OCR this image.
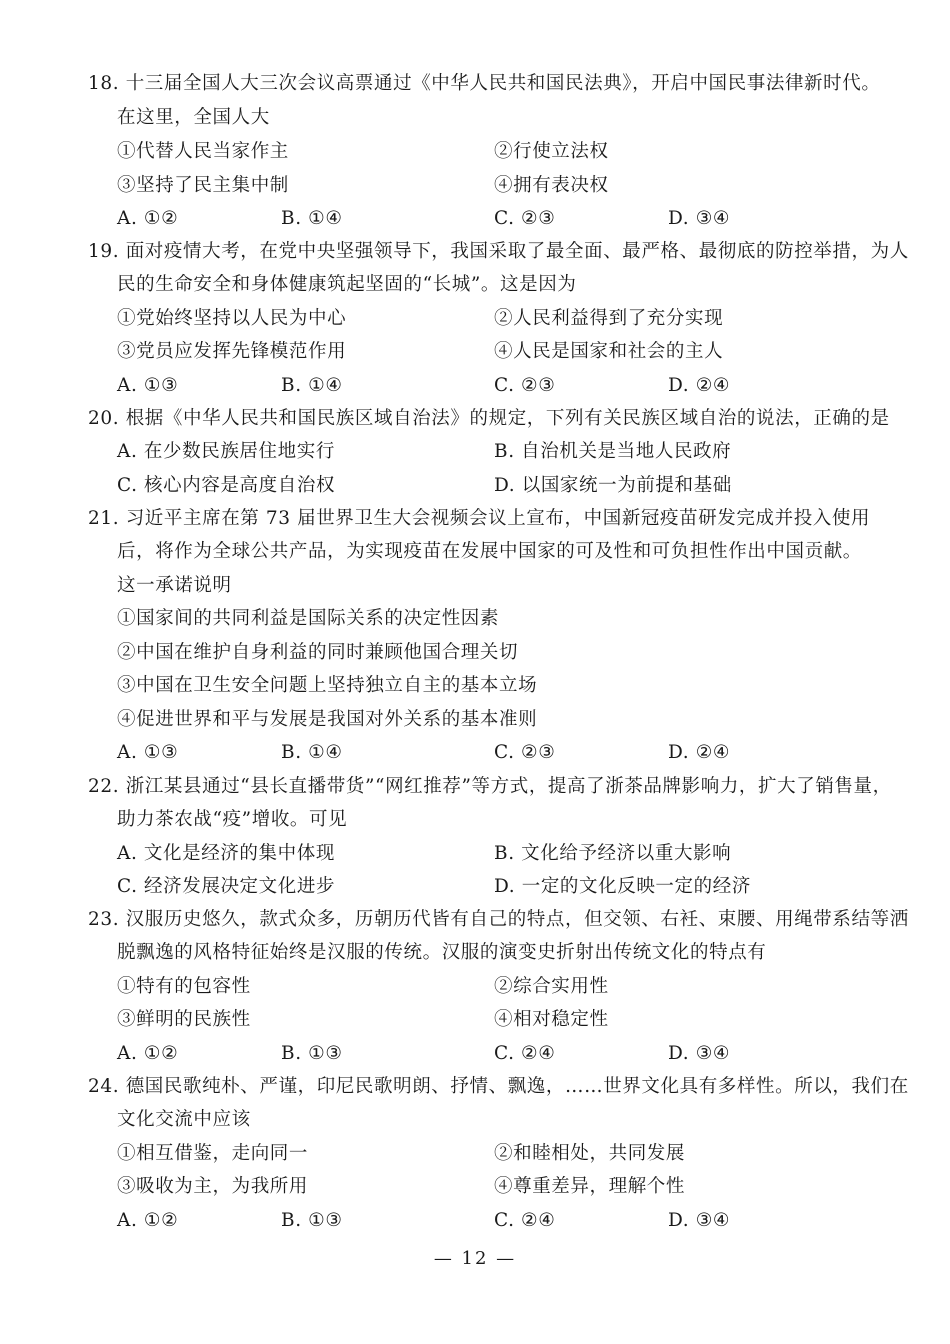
18. 十三届全国人大三次会议高票通过《中华人民共和国民法典》，开启中国民事法律新时代。
在这里，全国人大
①代替人民当家作主	②行使立法权
③坚持了民主集中制	④拥有表决权
A. ①②	B. ①④	C. ②③	D. ③④
19. 面对疫情大考，在党中央坚强领导下，我国采取了最全面、最严格、最彻底的防控举措，为人
民的生命安全和身体健康筑起坚固的“长城”。这是因为
①党始终坚持以人民为中心	②人民利益得到了充分实现
③党员应发挥先锋模范作用	④人民是国家和社会的主人
A. ①③	B. ①④	C. ②③	D. ②④
20. 根据《中华人民共和国民族区域自治法》的规定，下列有关民族区域自治的说法，正确的是
A. 在少数民族居住地实行	B. 自治机关是当地人民政府
C. 核心内容是高度自治权	D. 以国家统一为前提和基础
21. 习近平主席在第 73 届世界卫生大会视频会议上宣布，中国新冠疫苗研发完成并投入使用
后，将作为全球公共产品，为实现疫苗在发展中国家的可及性和可负担性作出中国贡献。
这一承诺说明
①国家间的共同利益是国际关系的决定性因素
②中国在维护自身利益的同时兼顾他国合理关切
③中国在卫生安全问题上坚持独立自主的基本立场
④促进世界和平与发展是我国对外关系的基本准则
A. ①③	B. ①④	C. ②③	D. ②④
22. 浙江某县通过“县长直播带货”“网红推荐”等方式，提高了浙茶品牌影响力，扩大了销售量，
助力茶农战“疫”增收。可见
A. 文化是经济的集中体现	B. 文化给予经济以重大影响
C. 经济发展决定文化进步	D. 一定的文化反映一定的经济
23. 汉服历史悠久，款式众多，历朝历代皆有自己的特点，但交领、右衽、束腰、用绳带系结等洒
脱飘逸的风格特征始终是汉服的传统。汉服的演变史折射出传统文化的特点有
①特有的包容性	②综合实用性
③鲜明的民族性	④相对稳定性
A. ①②	B. ①③	C. ②④	D. ③④
24. 德国民歌纯朴、严谨，印尼民歌明朗、抒情、飘逸，……世界文化具有多样性。所以，我们在
文化交流中应该
①相互借鉴，走向同一	②和睦相处，共同发展
③吸收为主，为我所用	④尊重差异，理解个性
A. ①②	B. ①③	C. ②④	D. ③④
— 12 —
